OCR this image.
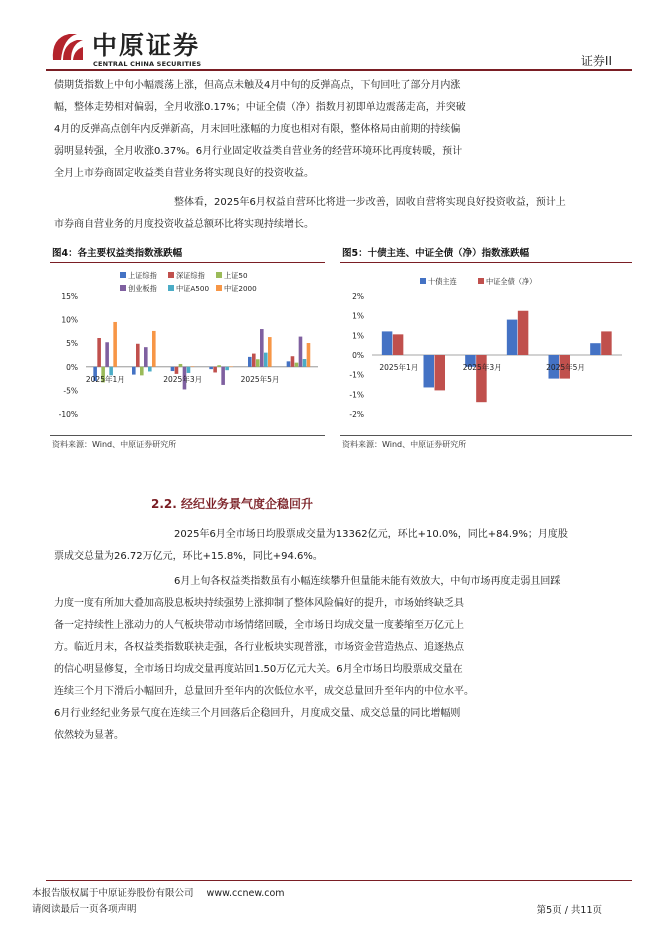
中原证券
CENTRAL CHINA SECURITIES	证券II
债期货指数上中旬小幅震荡上涨，但高点未触及4月中旬的反弹高点，下旬回吐了部分月内涨
幅，整体走势相对偏弱，全月收涨0.17%；中证全债（净）指数月初即单边震荡走高，并突破
4月的反弹高点创年内反弹新高，月末回吐涨幅的力度也相对有限，整体格局由前期的持续偏
弱明显转强，全月收涨0.37%。6月行业固定收益类自营业务的经营环境环比再度转暖，预计
全月上市券商固定收益类自营业务将实现良好的投资收益。
整体看，2025年6月权益自营环比将进一步改善，固收自营将实现良好投资收益，预计上
市券商自营业务的月度投资收益总额环比将实现持续增长。
图4：各主要权益类指数涨跌幅
上证综指	深证综指	上证50
创业板指	中证A500 中证2000
15%
10%
5%
0%
-5%
-10%
2025年1月	2025年3月	2025年5月
资料来源：Wind、中原证券研究所
图5：十债主连、中证全债（净）指数涨跌幅
十债主连	中证全债（净）
2%
1%
1%
0%
-1%
-1%
-2%
2025年1月	2025年3月	2025年5月
资料来源：Wind、中原证券研究所
2.2. 经纪业务景气度企稳回升
2025年6月全市场日均股票成交量为13362亿元，环比+10.0%，同比+84.9%；月度股
票成交总量为26.72万亿元，环比+15.8%，同比+94.6%。
6月上旬各权益类指数虽有小幅连续攀升但量能未能有效放大，中旬市场再度走弱且回踩
力度一度有所加大叠加高股息板块持续强势上涨抑制了整体风险偏好的提升，市场始终缺乏具
备一定持续性上涨动力的人气板块带动市场情绪回暖，全市场日均成交量一度萎缩至万亿元上
方。临近月末，各权益类指数联袂走强，各行业板块实现普涨，市场资金营造热点、追逐热点
的信心明显修复，全市场日均成交量再度站回1.50万亿元大关。6月全市场日均股票成交量在
连续三个月下滑后小幅回升，总量回升至年内的次低位水平，成交总量回升至年内的中位水平。
6月行业经纪业务景气度在连续三个月回落后企稳回升，月度成交量、成交总量的同比增幅则
依然较为显著。
本报告版权属于中原证券股份有限公司 www.ccnew.com
请阅读最后一页各项声明	第5页 / 共11页
